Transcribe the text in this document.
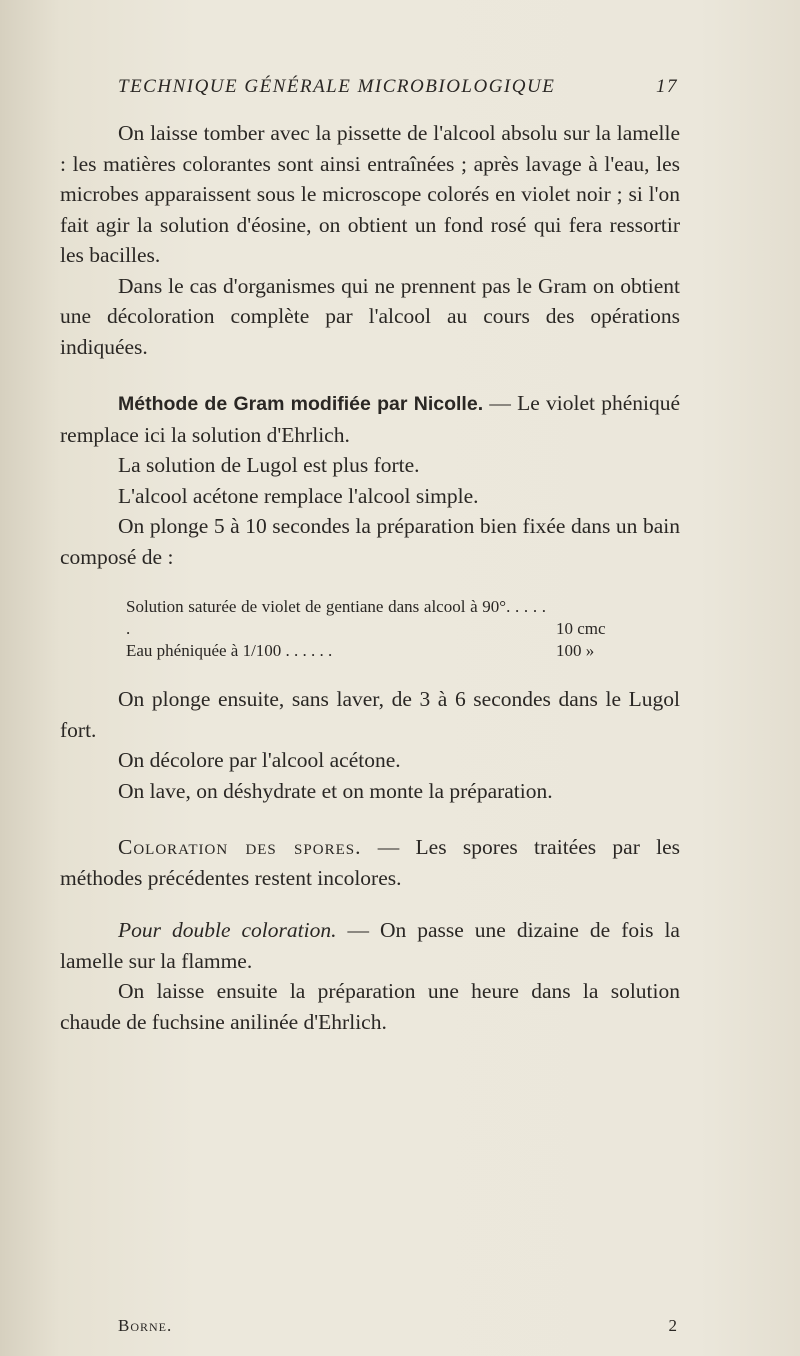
TECHNIQUE GÉNÉRALE MICROBIOLOGIQUE	17

On laisse tomber avec la pissette de l'alcool absolu sur la lamelle : les matières colorantes sont ainsi entraînées ; après lavage à l'eau, les microbes apparaissent sous le microscope colorés en violet noir ; si l'on fait agir la solution d'éosine, on obtient un fond rosé qui fera ressortir les bacilles.

Dans le cas d'organismes qui ne prennent pas le Gram on obtient une décoloration complète par l'alcool au cours des opérations indiquées.

Méthode de Gram modifiée par Nicolle. — Le violet phéniqué remplace ici la solution d'Ehrlich.

La solution de Lugol est plus forte.

L'alcool acétone remplace l'alcool simple.

On plonge 5 à 10 secondes la préparation bien fixée dans un bain composé de :

Solution saturée de violet de gentiane dans alcool à 90°. . . . . .	10 cmc
Eau phéniquée à 1/100 . . . . . .	100 »

On plonge ensuite, sans laver, de 3 à 6 secondes dans le Lugol fort.

On décolore par l'alcool acétone.

On lave, on déshydrate et on monte la préparation.

Coloration des spores. — Les spores traitées par les méthodes précédentes restent incolores.

Pour double coloration. — On passe une dizaine de fois la lamelle sur la flamme.

On laisse ensuite la préparation une heure dans la solution chaude de fuchsine anilinée d'Ehrlich.

Borne.	2
